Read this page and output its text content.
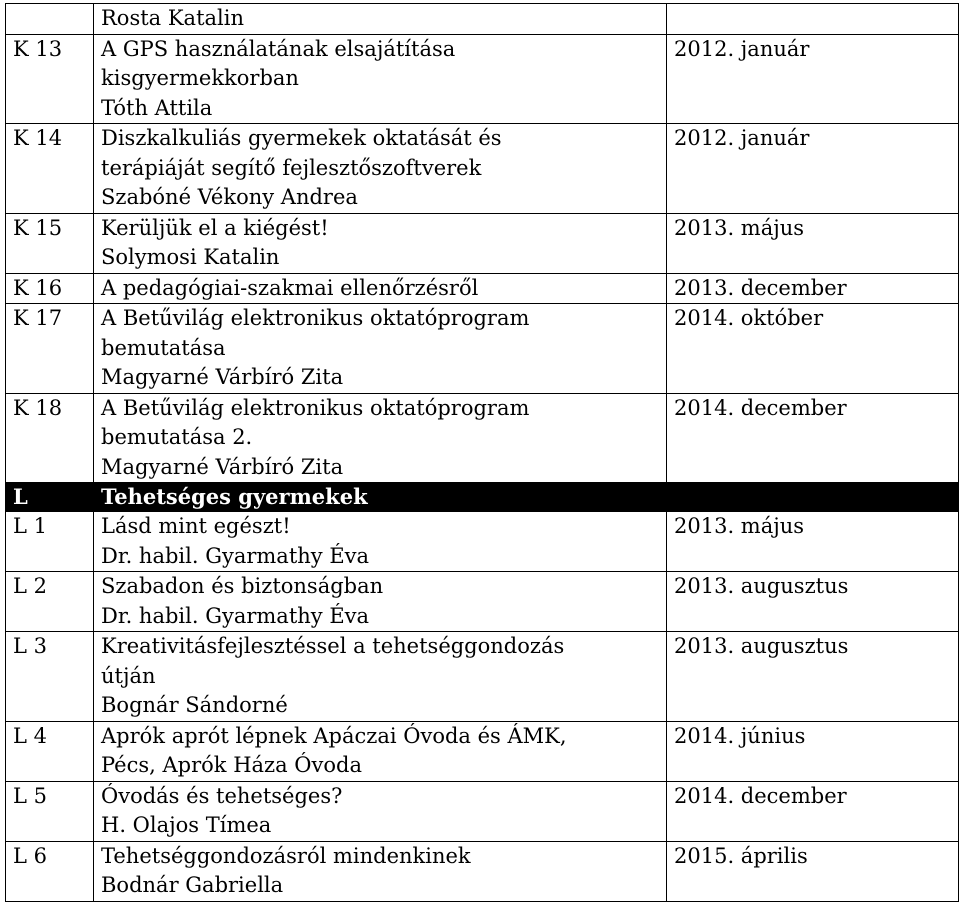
	Rosta Katalin	

K 13	A GPS használatának elsajátítása
kisgyermekkorban
Tóth Attila	2012. január
K 14	Diszkalkuliás gyermekek oktatását és
terápiáját segítő fejlesztőszoftverek
Szabóné Vékony Andrea	2012. január
K 15	Kerüljük el a kiégést!
Solymosi Katalin	2013. május
K 16	A pedagógiai-szakmai ellenőrzésről	2013. december
K 17	A Betűvilág elektronikus oktatóprogram
bemutatása
Magyarné Várbíró Zita	2014. október
K 18	A Betűvilág elektronikus oktatóprogram
bemutatása 2.
Magyarné Várbíró Zita	2014. december
L	Tehetséges gyermekek	
L 1	Lásd mint egészt!
Dr. habil. Gyarmathy Éva	2013. május
L 2	Szabadon és biztonságban
Dr. habil. Gyarmathy Éva	2013. augusztus
L 3	Kreativitásfejlesztéssel a tehetséggondozás
útján
Bognár Sándorné	2013. augusztus
L 4	Aprók aprót lépnek Apáczai Óvoda és ÁMK,
Pécs, Aprók Háza Óvoda	2014. június
L 5	Óvodás és tehetséges?
H. Olajos Tímea	2014. december
L 6	Tehetséggondozásról mindenkinek
Bodnár Gabriella	2015. április
